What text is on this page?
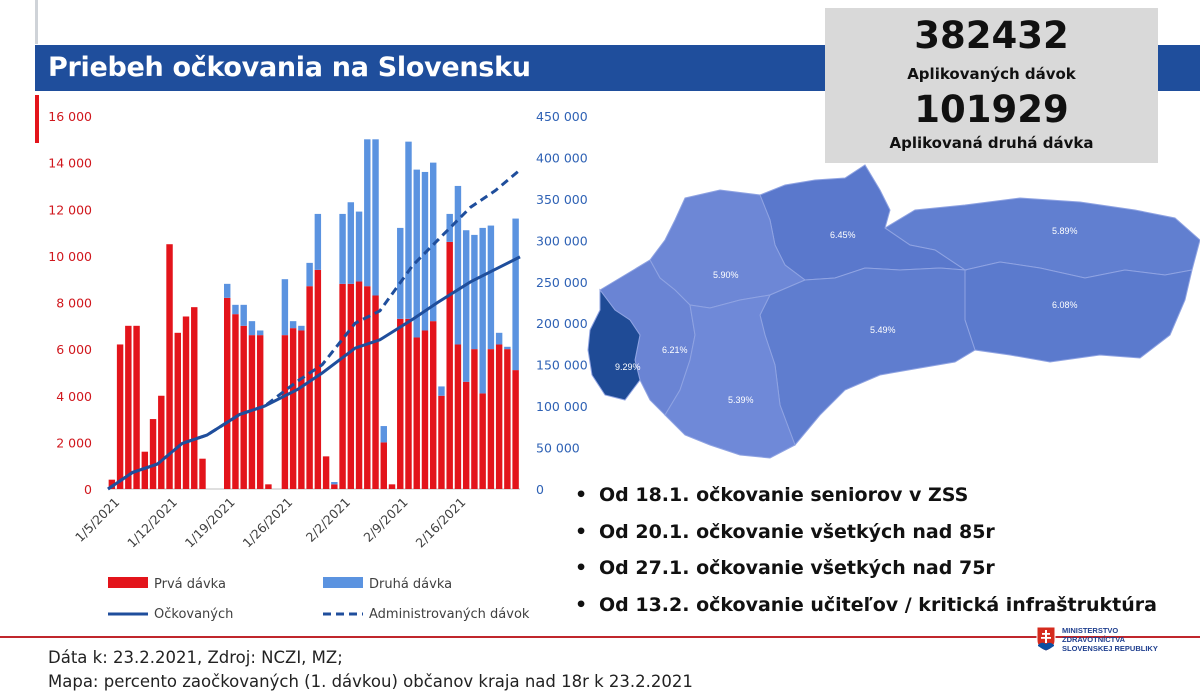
Priebeh očkovania na Slovensku
382432
Aplikovaných dávok
101929
Aplikovaná druhá dávka
0
2 000
4 000
6 000
8 000
10 000
12 000
14 000
16 000
0
50 000
100 000
150 000
200 000
250 000
300 000
350 000
400 000
450 000
1/5/2021 1/12/2021 1/19/2021 1/26/2021 2/2/2021 2/9/2021 2/16/2021
Prvá dávka	Druhá dávka
Očkovaných	Administrovaných dávok
9.29%
6.21%
5.90%
6.45%
5.39%
5.49%
5.89%
6.08%
• Od 18.1. očkovanie seniorov v ZSS
• Od 20.1. očkovanie všetkých nad 85r
• Od 27.1. očkovanie všetkých nad 75r
• Od 13.2. očkovanie učiteľov / kritická infraštruktúra
Dáta k: 23.2.2021, Zdroj: NCZI, MZ;
Mapa: percento zaočkovaných (1. dávkou) občanov kraja nad 18r k 23.2.2021
MINISTERSTVO
ZDRAVOTNÍCTVA
SLOVENSKEJ REPUBLIKY
